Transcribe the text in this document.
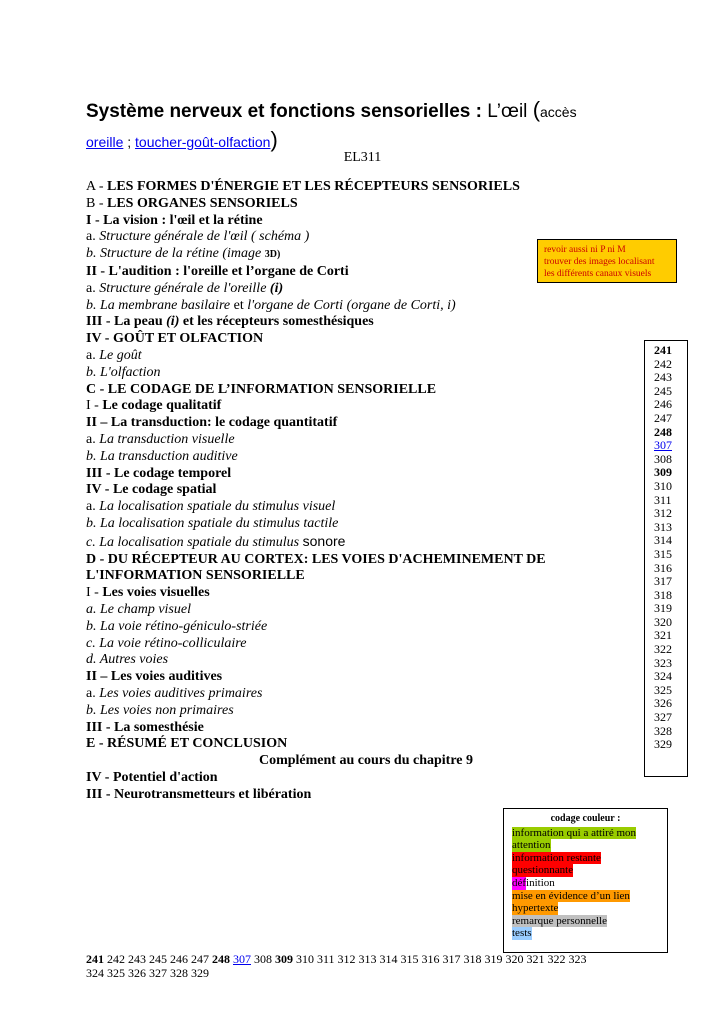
Système nerveux et fonctions sensorielles : L’œil (accès
oreille ; toucher-goût-olfaction)
EL311
A - LES FORMES D'ÉNERGIE ET LES RÉCEPTEURS SENSORIELS
B - LES ORGANES SENSORIELS
I - La vision : l'œil et la rétine
a. Structure générale de l'œil ( schéma )
b. Structure de la rétine (image 3D)
II - L'audition : l'oreille et l’organe de Corti
a. Structure générale de l'oreille (i)
b. La membrane basilaire et l'organe de Corti (organe de Corti, i)
III - La peau (i) et les récepteurs somesthésiques
IV - GOÛT ET OLFACTION
a. Le goût
b. L'olfaction
C - LE CODAGE DE L’INFORMATION SENSORIELLE
I - Le codage qualitatif
II – La transduction: le codage quantitatif
a. La transduction visuelle
b. La transduction auditive
III - Le codage temporel
IV - Le codage spatial
a. La localisation spatiale du stimulus visuel
b. La localisation spatiale du stimulus tactile
c. La localisation spatiale du stimulus sonore
D - DU RÉCEPTEUR AU CORTEX: LES VOIES D'ACHEMINEMENT DE
L'INFORMATION SENSORIELLE
I - Les voies visuelles
a. Le champ visuel
b. La voie rétino-géniculo-striée
c. La voie rétino-colliculaire
d. Autres voies
II – Les voies auditives
a. Les voies auditives primaires
b. Les voies non primaires
III - La somesthésie
E - RÉSUMÉ ET CONCLUSION
Complément au cours du chapitre 9
IV - Potentiel d'action
III - Neurotransmetteurs et libération
revoir aussi ni P ni M
trouver des images localisant
les différents canaux visuels
241
242
243
245
246
247
248
307
308
309
310
311
312
313
314
315
316
317
318
319
320
321
322
323
324
325
326
327
328
329
codage couleur :
information qui a attiré mon
attention
information restante
questionnante
définition
mise en évidence d’un lien
hypertexte
remarque personnelle
tests
241 242 243 245 246 247 248 307 308 309 310 311 312 313 314 315 316 317 318 319 320 321 322 323
324 325 326 327 328 329
